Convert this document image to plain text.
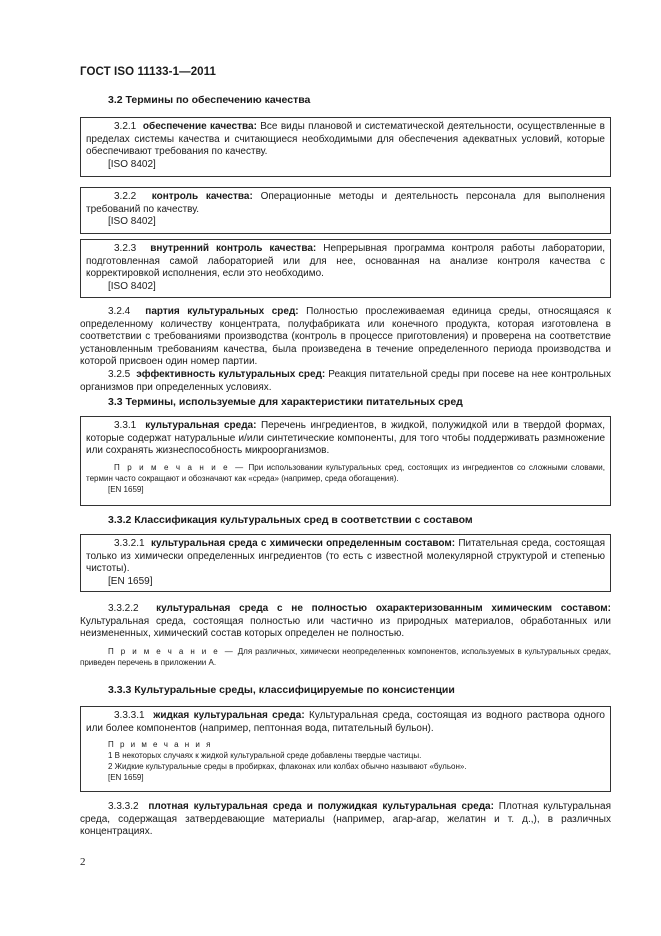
ГОСТ ISO 11133-1—2011
3.2 Термины по обеспечению качества
3.2.1 обеспечение качества: Все виды плановой и систематической деятельности, осуществленные в пределах системы качества и считающиеся необходимыми для обеспечения адекватных условий, которые обеспечивают требования по качеству.
[ISO 8402]
3.2.2 контроль качества: Операционные методы и деятельность персонала для выполнения требований по качеству.
[ISO 8402]
3.2.3 внутренний контроль качества: Непрерывная программа контроля работы лаборатории, подготовленная самой лабораторией или для нее, основанная на анализе контроля качества с корректировкой исполнения, если это необходимо.
[ISO 8402]
3.2.4 партия культуральных сред: Полностью прослеживаемая единица среды, относящаяся к определенному количеству концентрата, полуфабриката или конечного продукта, которая изготовлена в соответствии с требованиями производства (контроль в процессе приготовления) и проверена на соответствие установленным требованиям качества, была произведена в течение определенного периода производства и которой присвоен один номер партии.
3.2.5 эффективность культуральных сред: Реакция питательной среды при посеве на нее контрольных организмов при определенных условиях.
3.3 Термины, используемые для характеристики питательных сред
3.3.1 культуральная среда: Перечень ингредиентов, в жидкой, полужидкой или в твердой формах, которые содержат натуральные и/или синтетические компоненты, для того чтобы поддерживать размножение или сохранять жизнеспособность микроорганизмов.
П р и м е ч а н и е — При использовании культуральных сред, состоящих из ингредиентов со сложными словами, термин часто сокращают и обозначают как «среда» (например, среда обогащения).
[EN 1659]
3.3.2 Классификация культуральных сред в соответствии с составом
3.3.2.1 культуральная среда с химически определенным составом: Питательная среда, состоящая только из химически определенных ингредиентов (то есть с известной молекулярной структурой и степенью чистоты).
[EN 1659]
3.3.2.2 культуральная среда с не полностью охарактеризованным химическим составом: Культуральная среда, состоящая полностью или частично из природных материалов, обработанных или неизмененных, химический состав которых определен не полностью.
П р и м е ч а н и е — Для различных, химически неопределенных компонентов, используемых в культуральных средах, приведен перечень в приложении А.
3.3.3 Культуральные среды, классифицируемые по консистенции
3.3.3.1 жидкая культуральная среда: Культуральная среда, состоящая из водного раствора одного или более компонентов (например, пептонная вода, питательный бульон).
П р и м е ч а н и я
1 В некоторых случаях к жидкой культуральной среде добавлены твердые частицы.
2 Жидкие культуральные среды в пробирках, флаконах или колбах обычно называют «бульон».
[EN 1659]
3.3.3.2 плотная культуральная среда и полужидкая культуральная среда: Плотная культуральная среда, содержащая затвердевающие материалы (например, агар-агар, желатин и т. д.,), в различных концентрациях.
2
